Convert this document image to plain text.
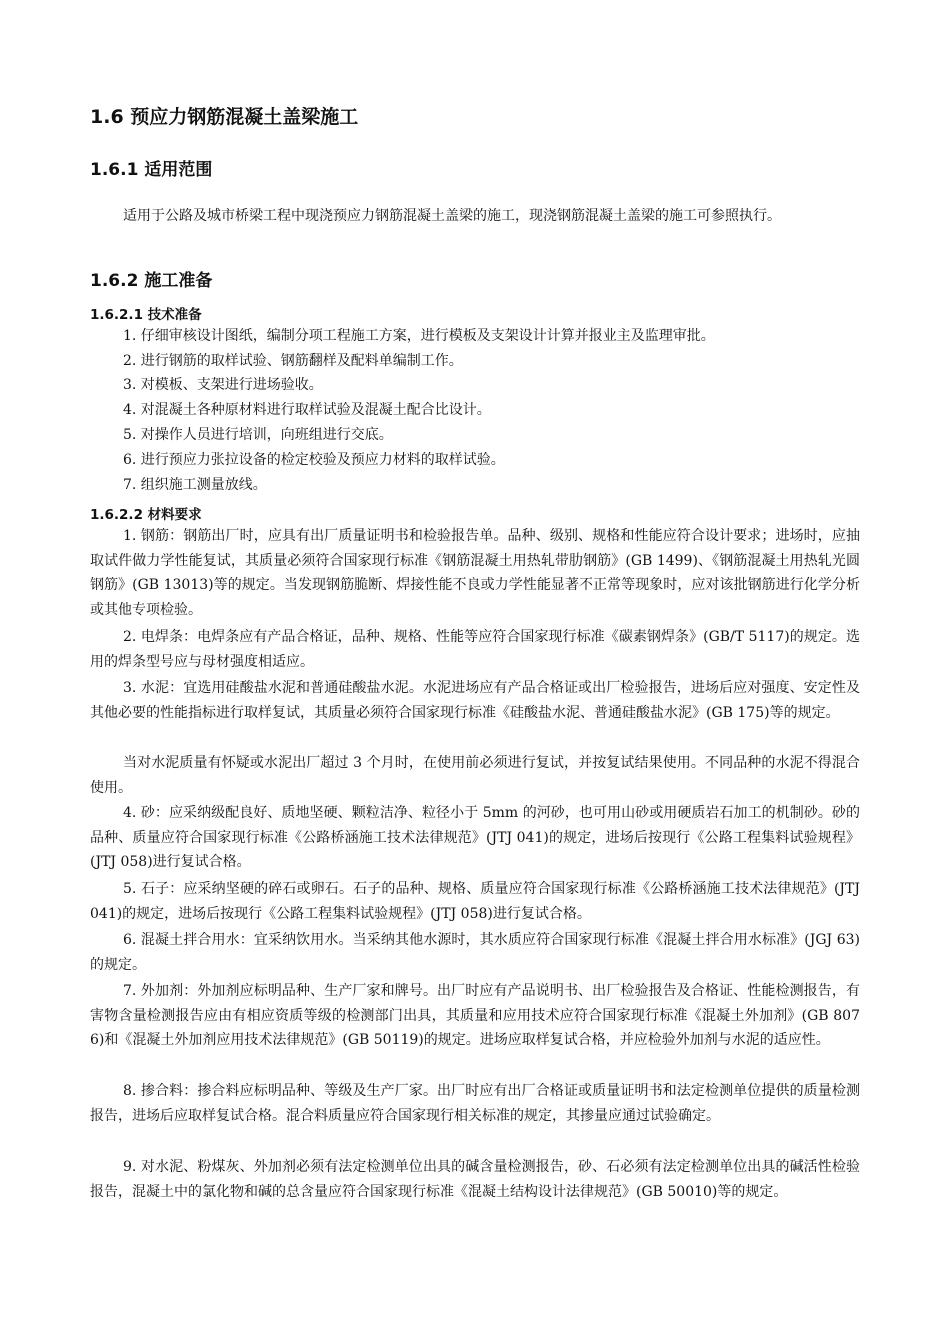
1.6 预应力钢筋混凝土盖梁施工
1.6.1 适用范围
适用于公路及城市桥梁工程中现浇预应力钢筋混凝土盖梁的施工，现浇钢筋混凝土盖梁的施工可参照执行。
1.6.2 施工准备
1.6.2.1 技术准备
1. 仔细审核设计图纸，编制分项工程施工方案，进行模板及支架设计计算并报业主及监理审批。
2. 进行钢筋的取样试验、钢筋翻样及配料单编制工作。
3. 对模板、支架进行进场验收。
4. 对混凝土各种原材料进行取样试验及混凝土配合比设计。
5. 对操作人员进行培训，向班组进行交底。
6. 进行预应力张拉设备的检定校验及预应力材料的取样试验。
7. 组织施工测量放线。
1.6.2.2 材料要求
1. 钢筋：钢筋出厂时，应具有出厂质量证明书和检验报告单。品种、级别、规格和性能应符合设计要求；进场时，应抽取试件做力学性能复试，其质量必须符合国家现行标准《钢筋混凝土用热轧带肋钢筋》(GB 1499)、《钢筋混凝土用热轧光圆钢筋》(GB 13013)等的规定。当发现钢筋脆断、焊接性能不良或力学性能显著不正常等现象时，应对该批钢筋进行化学分析或其他专项检验。
2. 电焊条：电焊条应有产品合格证，品种、规格、性能等应符合国家现行标准《碳素钢焊条》(GB/T 5117)的规定。选用的焊条型号应与母材强度相适应。
3. 水泥：宜选用硅酸盐水泥和普通硅酸盐水泥。水泥进场应有产品合格证或出厂检验报告，进场后应对强度、安定性及其他必要的性能指标进行取样复试，其质量必须符合国家现行标准《硅酸盐水泥、普通硅酸盐水泥》(GB 175)等的规定。
当对水泥质量有怀疑或水泥出厂超过 3 个月时，在使用前必须进行复试，并按复试结果使用。不同品种的水泥不得混合使用。
4. 砂：应采纳级配良好、质地坚硬、颗粒洁净、粒径小于 5mm 的河砂，也可用山砂或用硬质岩石加工的机制砂。砂的品种、质量应符合国家现行标准《公路桥涵施工技术法律规范》(JTJ 041)的规定，进场后按现行《公路工程集料试验规程》(JTJ 058)进行复试合格。
5. 石子：应采纳坚硬的碎石或卵石。石子的品种、规格、质量应符合国家现行标准《公路桥涵施工技术法律规范》(JTJ 041)的规定，进场后按现行《公路工程集料试验规程》(JTJ 058)进行复试合格。
6. 混凝土拌合用水：宜采纳饮用水。当采纳其他水源时，其水质应符合国家现行标准《混凝土拌合用水标准》(JGJ 63)的规定。
7. 外加剂：外加剂应标明品种、生产厂家和牌号。出厂时应有产品说明书、出厂检验报告及合格证、性能检测报告，有害物含量检测报告应由有相应资质等级的检测部门出具，其质量和应用技术应符合国家现行标准《混凝土外加剂》(GB 8076)和《混凝土外加剂应用技术法律规范》(GB 50119)的规定。进场应取样复试合格，并应检验外加剂与水泥的适应性。
8. 掺合料：掺合料应标明品种、等级及生产厂家。出厂时应有出厂合格证或质量证明书和法定检测单位提供的质量检测报告，进场后应取样复试合格。混合料质量应符合国家现行相关标准的规定，其掺量应通过试验确定。
9. 对水泥、粉煤灰、外加剂必须有法定检测单位出具的碱含量检测报告，砂、石必须有法定检测单位出具的碱活性检验报告，混凝土中的氯化物和碱的总含量应符合国家现行标准《混凝土结构设计法律规范》(GB 50010)等的规定。
